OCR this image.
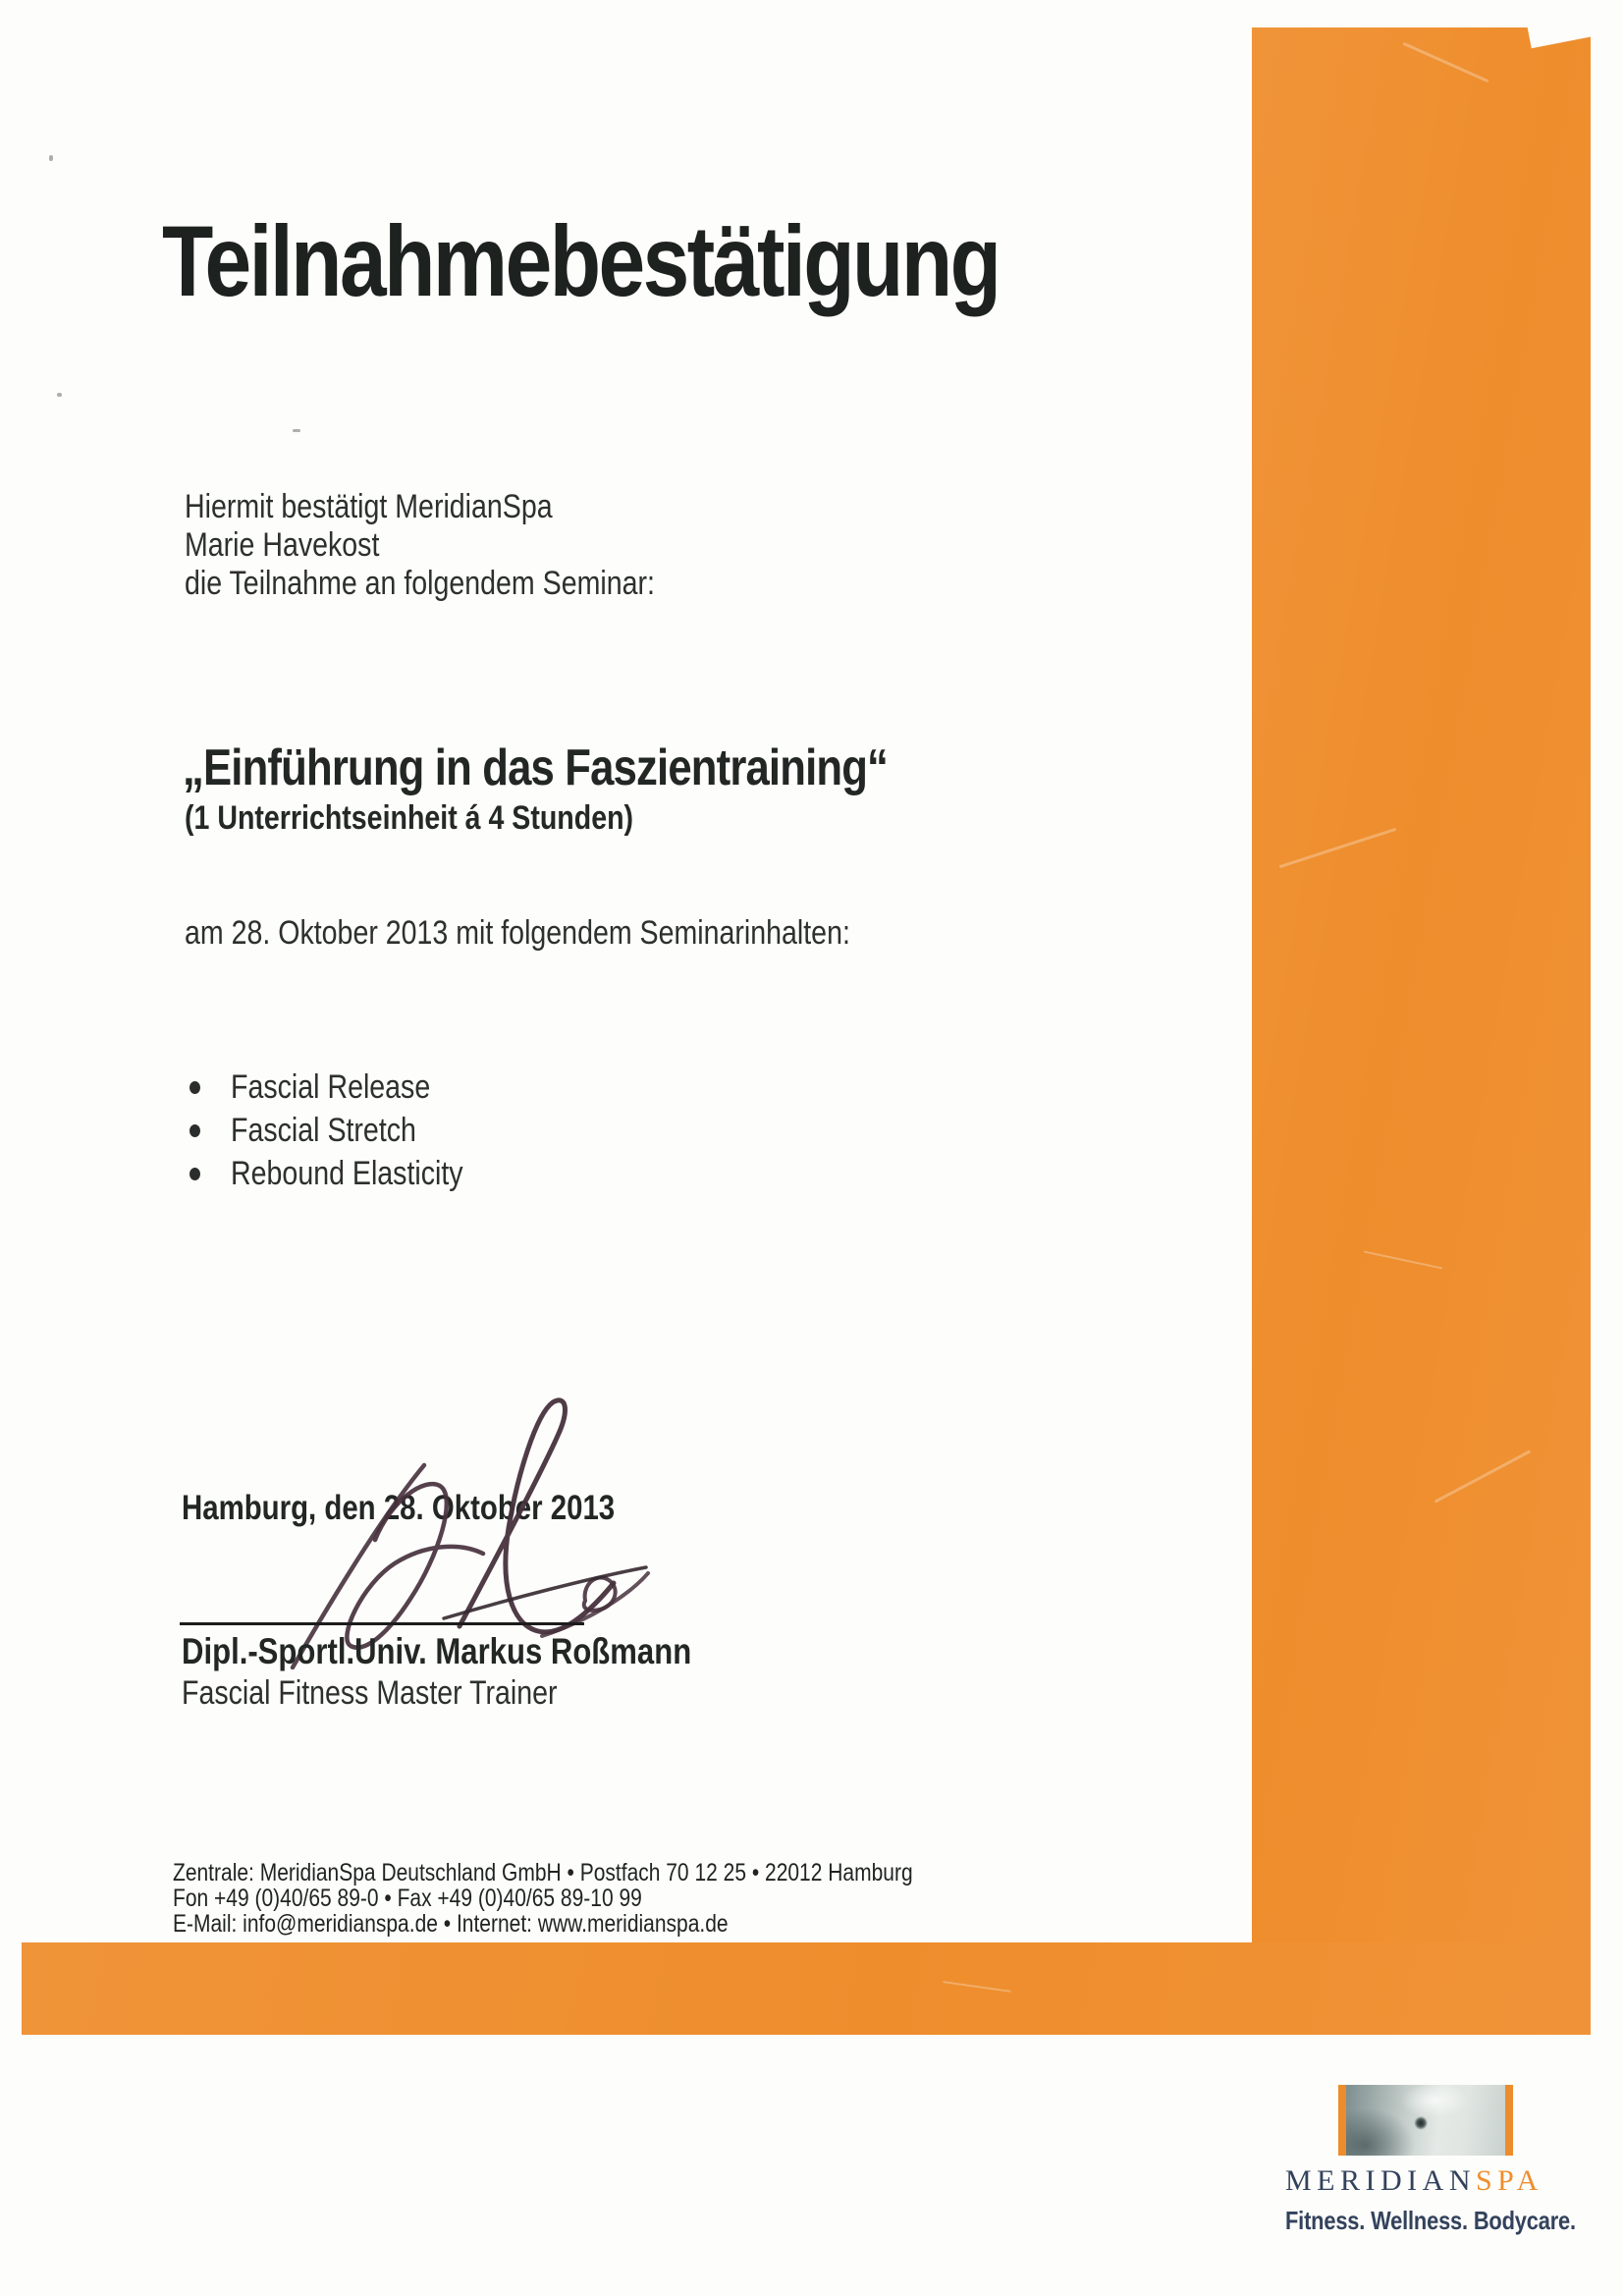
Teilnahmebestätigung
Hiermit bestätigt MeridianSpa
Marie Havekost
die Teilnahme an folgendem Seminar:
„Einführung in das Faszientraining“
(1 Unterrichtseinheit á 4 Stunden)
am 28. Oktober 2013 mit folgendem Seminarinhalten:
Fascial Release
Fascial Stretch
Rebound Elasticity
Hamburg, den 28. Oktober 2013
Dipl.-Sportl.Univ. Markus Roßmann
Fascial Fitness Master Trainer
Zentrale: MeridianSpa Deutschland GmbH • Postfach 70 12 25 • 22012 Hamburg
Fon +49 (0)40/65 89-0 • Fax +49 (0)40/65 89-10 99
E-Mail: info@meridianspa.de • Internet: www.meridianspa.de
MERIDIANSPA
Fitness. Wellness. Bodycare.
